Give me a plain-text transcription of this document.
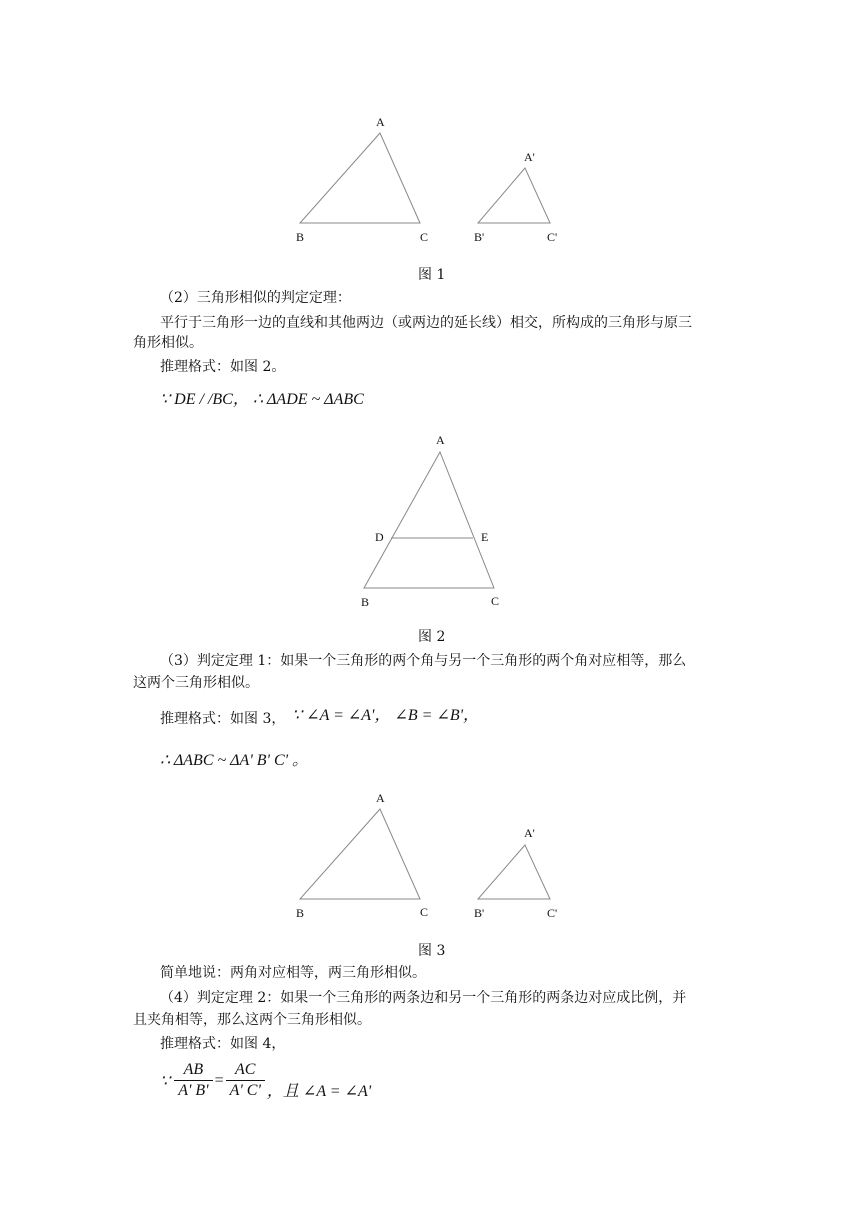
A
B	C
A'
B'	C'
图 1
（2）三角形相似的判定定理：
平行于三角形一边的直线和其他两边（或两边的延长线）相交，所构成的三角形与原三
角形相似。
推理格式：如图 2。
∵ DE / /BC， ∴ ΔADE ~ ΔABC
A
D	E
B	C
图 2
（3）判定定理 1：如果一个三角形的两个角与另一个三角形的两个角对应相等，那么
这两个三角形相似。
推理格式：如图 3， ∵ ∠A = ∠A'， ∠B = ∠B'，
∴ ΔABC ~ ΔA' B' C' 。
A
B	C
A'
B'	C'
图 3
简单地说：两角对应相等，两三角形相似。
（4）判定定理 2：如果一个三角形的两条边和另一个三角形的两条边对应成比例，并
且夹角相等，那么这两个三角形相似。
推理格式：如图 4，
∵ $\frac{AB}{A' B'} = \frac{AC}{A' C'}$ ，且 ∠A = ∠A'
